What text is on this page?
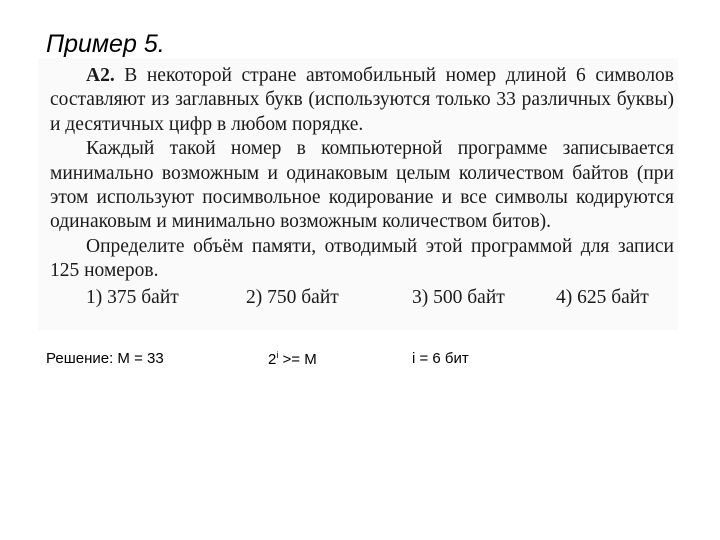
Пример 5.

А2. В некоторой стране автомобильный номер длиной 6 символов составляют из заглавных букв (используются только 33 различных буквы) и десятичных цифр в любом порядке.

Каждый такой номер в компьютерной программе записывается минимально возможным и одинаковым целым количеством байтов (при этом используют посимвольное кодирование и все символы кодируются одинаковым и минимально возможным количеством битов).

Определите объём памяти, отводимый этой программой для записи 125 номеров.

1) 375 байт	2) 750 байт	3) 500 байт	4) 625 байт
Решение: M = 33	$2^i >= M$	i = 6 бит
